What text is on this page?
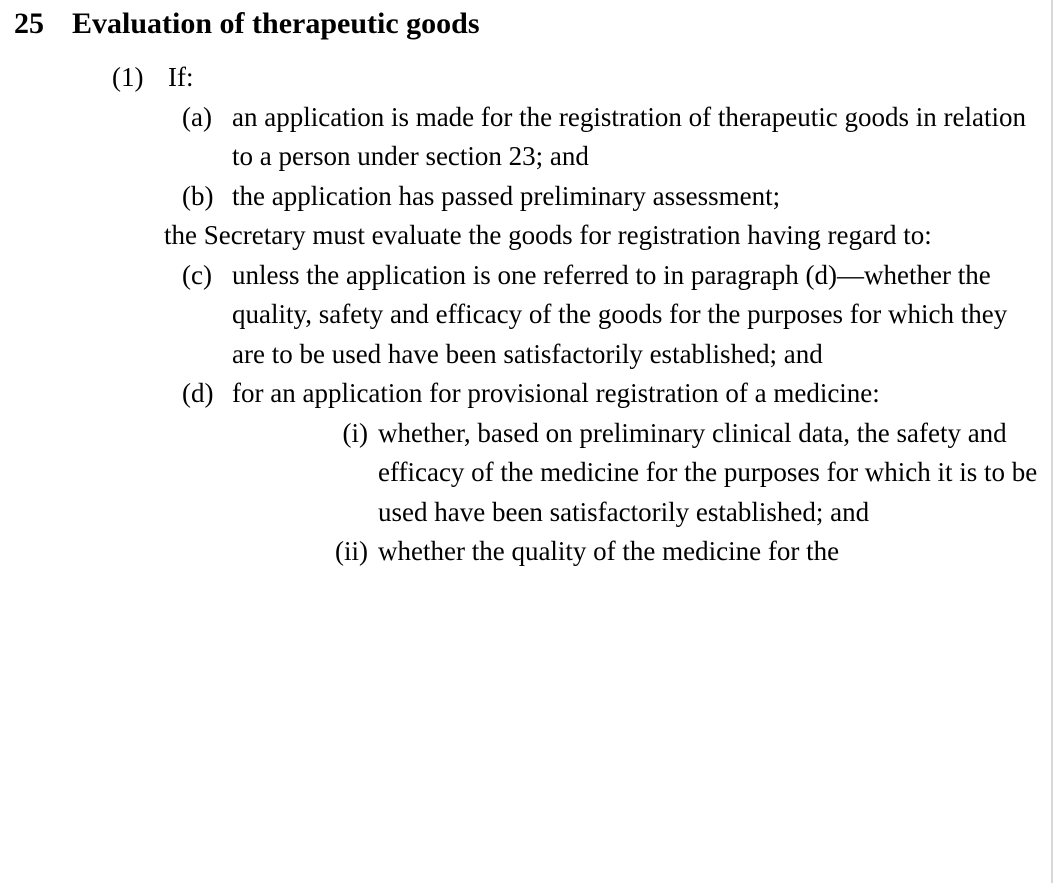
25 Evaluation of therapeutic goods
(1) If:
(a) an application is made for the registration of therapeutic goods in relation to a person under section 23; and
(b) the application has passed preliminary assessment;
the Secretary must evaluate the goods for registration having regard to:
(c) unless the application is one referred to in paragraph (d)—whether the quality, safety and efficacy of the goods for the purposes for which they are to be used have been satisfactorily established; and
(d) for an application for provisional registration of a medicine:
(i) whether, based on preliminary clinical data, the safety and efficacy of the medicine for the purposes for which it is to be used have been satisfactorily established; and
(ii) whether the quality of the medicine for the
